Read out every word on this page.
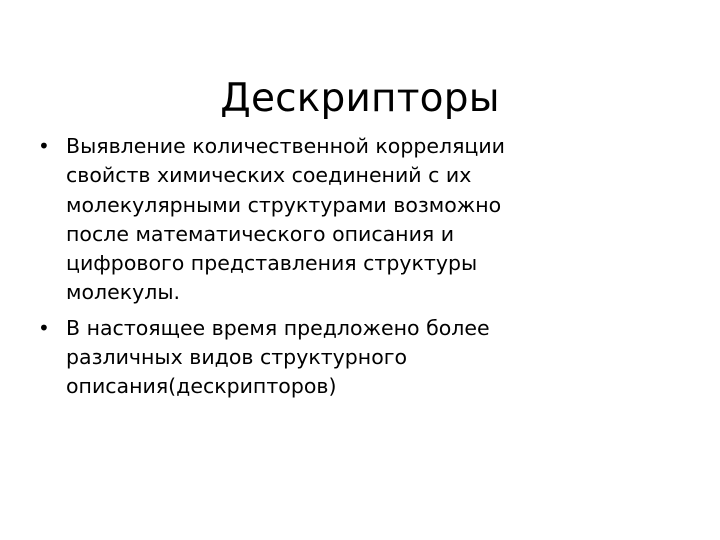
Дескрипторы
• Выявление количественной корреляции
свойств химических соединений с их
молекулярными структурами возможно
после математического описания и
цифрового представления структуры
молекулы.
• В настоящее время предложено более
различных видов структурного
описания(дескрипторов)
